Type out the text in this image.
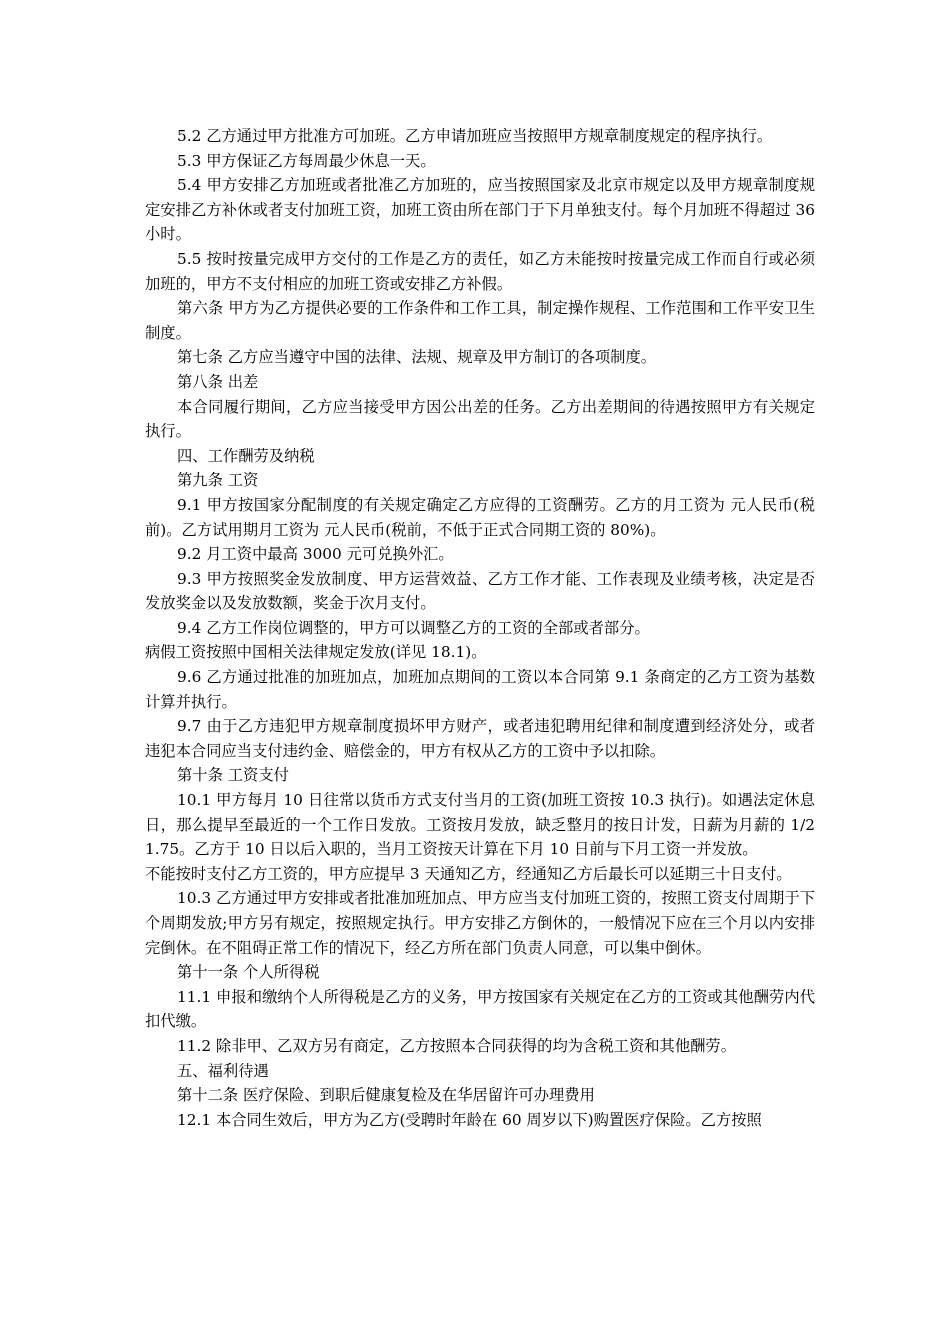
5.2 乙方通过甲方批准方可加班。乙方申请加班应当按照甲方规章制度规定的程序执行。

5.3 甲方保证乙方每周最少休息一天。

5.4 甲方安排乙方加班或者批准乙方加班的，应当按照国家及北京市规定以及甲方规章制度规定安排乙方补休或者支付加班工资，加班工资由所在部门于下月单独支付。每个月加班不得超过 36 小时。

5.5 按时按量完成甲方交付的工作是乙方的责任，如乙方未能按时按量完成工作而自行或必须加班的，甲方不支付相应的加班工资或安排乙方补假。

第六条 甲方为乙方提供必要的工作条件和工作工具，制定操作规程、工作范围和工作平安卫生制度。

第七条 乙方应当遵守中国的法律、法规、规章及甲方制订的各项制度。

第八条 出差

本合同履行期间，乙方应当接受甲方因公出差的任务。乙方出差期间的待遇按照甲方有关规定执行。

四、工作酬劳及纳税

第九条 工资

9.1 甲方按国家分配制度的有关规定确定乙方应得的工资酬劳。乙方的月工资为 元人民币(税前)。乙方试用期月工资为 元人民币(税前，不低于正式合同期工资的 80%)。

9.2 月工资中最高 3000 元可兑换外汇。

9.3 甲方按照奖金发放制度、甲方运营效益、乙方工作才能、工作表现及业绩考核，决定是否发放奖金以及发放数额，奖金于次月支付。

9.4 乙方工作岗位调整的，甲方可以调整乙方的工资的全部或者部分。

病假工资按照中国相关法律规定发放(详见 18.1)。

9.6 乙方通过批准的加班加点，加班加点期间的工资以本合同第 9.1 条商定的乙方工资为基数计算并执行。

9.7 由于乙方违犯甲方规章制度损坏甲方财产，或者违犯聘用纪律和制度遭到经济处分，或者违犯本合同应当支付违约金、赔偿金的，甲方有权从乙方的工资中予以扣除。

第十条 工资支付

10.1 甲方每月 10 日往常以货币方式支付当月的工资(加班工资按 10.3 执行)。如遇法定休息日，那么提早至最近的一个工作日发放。工资按月发放，缺乏整月的按日计发，日薪为月薪的 1/21.75。乙方于 10 日以后入职的，当月工资按天计算在下月 10 日前与下月工资一并发放。

不能按时支付乙方工资的，甲方应提早 3 天通知乙方，经通知乙方后最长可以延期三十日支付。

10.3 乙方通过甲方安排或者批准加班加点、甲方应当支付加班工资的，按照工资支付周期于下个周期发放;甲方另有规定，按照规定执行。甲方安排乙方倒休的，一般情况下应在三个月以内安排完倒休。在不阻碍正常工作的情况下，经乙方所在部门负责人同意，可以集中倒休。

第十一条 个人所得税

11.1 申报和缴纳个人所得税是乙方的义务，甲方按国家有关规定在乙方的工资或其他酬劳内代扣代缴。

11.2 除非甲、乙双方另有商定，乙方按照本合同获得的均为含税工资和其他酬劳。

五、福利待遇

第十二条 医疗保险、到职后健康复检及在华居留许可办理费用

12.1 本合同生效后，甲方为乙方(受聘时年龄在 60 周岁以下)购置医疗保险。乙方按照
